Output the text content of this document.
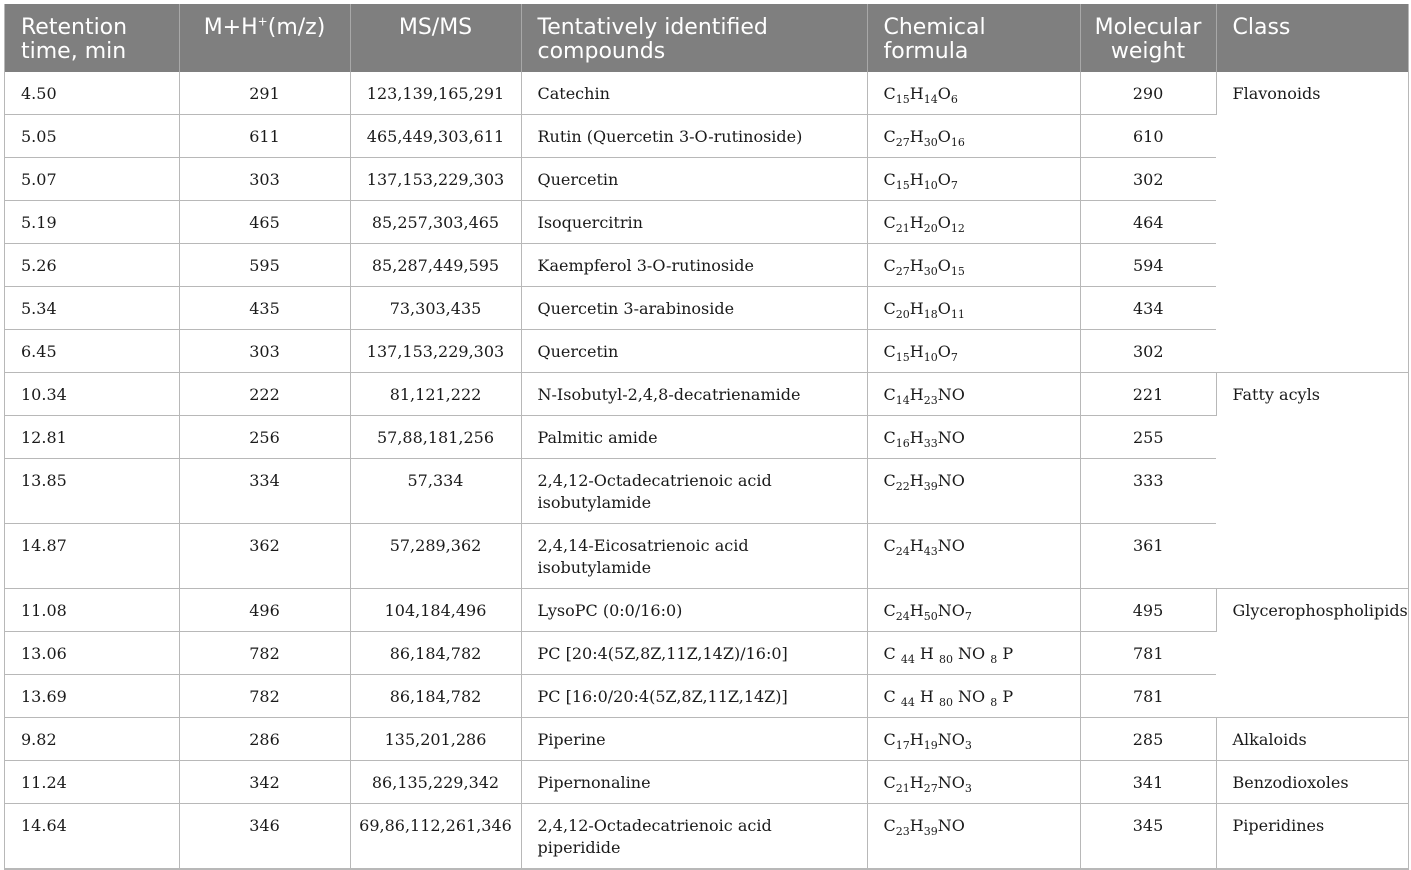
Retention time, min	M+H+(m/z)	MS/MS	Tentatively identified compounds	Chemical formula	Molecular weight	Class
4.50	291	123,139,165,291	Catechin	$C_{15}H_{14}O_6$	290	Flavonoids
5.05	611	465,449,303,611	Rutin (Quercetin 3-O-rutinoside)	$C_{27}H_{30}O_{16}$	610	
5.07	303	137,153,229,303	Quercetin	$C_{15}H_{10}O_7$	302	
5.19	465	85,257,303,465	Isoquercitrin	$C_{21}H_{20}O_{12}$	464	
5.26	595	85,287,449,595	Kaempferol 3-O-rutinoside	$C_{27}H_{30}O_{15}$	594	
5.34	435	73,303,435	Quercetin 3-arabinoside	$C_{20}H_{18}O_{11}$	434	
6.45	303	137,153,229,303	Quercetin	$C_{15}H_{10}O_7$	302	
10.34	222	81,121,222	N-Isobutyl-2,4,8-decatrienamide	$C_{14}H_{23}NO$	221	Fatty acyls
12.81	256	57,88,181,256	Palmitic amide	$C_{16}H_{33}NO$	255	
13.85	334	57,334	2,4,12-Octadecatrienoic acid isobutylamide	$C_{22}H_{39}NO$	333	
14.87	362	57,289,362	2,4,14-Eicosatrienoic acid isobutylamide	$C_{24}H_{43}NO$	361	
11.08	496	104,184,496	LysoPC (0:0/16:0)	$C_{24}H_{50}NO_7$	495	Glycerophospholipids
13.06	782	86,184,782	PC [20:4(5Z,8Z,11Z,14Z)/16:0]	C $_{44}$ H $_{80}$ NO $_8$ P	781	
13.69	782	86,184,782	PC [16:0/20:4(5Z,8Z,11Z,14Z)]	C $_{44}$ H $_{80}$ NO $_8$ P	781	
9.82	286	135,201,286	Piperine	$C_{17}H_{19}NO_3$	285	Alkaloids
11.24	342	86,135,229,342	Pipernonaline	$C_{21}H_{27}NO_3$	341	Benzodioxoles
14.64	346	69,86,112,261,346	2,4,12-Octadecatrienoic acid piperidide	$C_{23}H_{39}NO$	345	Piperidines
